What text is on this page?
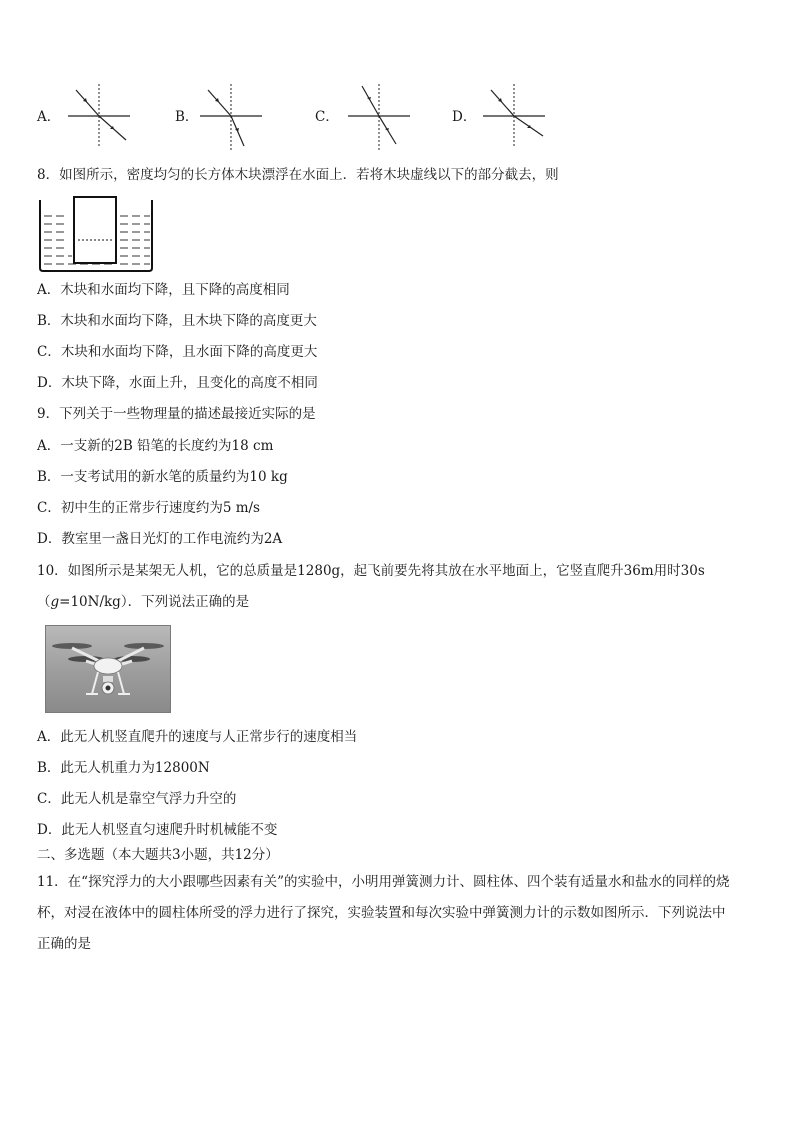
A．	B．	C．	D．
8．如图所示，密度均匀的长方体木块漂浮在水面上．若将木块虚线以下的部分截去，则
A．木块和水面均下降，且下降的高度相同
B．木块和水面均下降，且木块下降的高度更大
C．木块和水面均下降，且水面下降的高度更大
D．木块下降，水面上升，且变化的高度不相同
9．下列关于一些物理量的描述最接近实际的是
A．一支新的2B 铅笔的长度约为18 cm
B．一支考试用的新水笔的质量约为10 kg
C．初中生的正常步行速度约为5 m/s
D．教室里一盏日光灯的工作电流约为2A
10．如图所示是某架无人机，它的总质量是1280g，起飞前要先将其放在水平地面上，它竖直爬升36m用时30s
（g=10N/kg）．下列说法正确的是
A．此无人机竖直爬升的速度与人正常步行的速度相当
B．此无人机重力为12800N
C．此无人机是靠空气浮力升空的
D．此无人机竖直匀速爬升时机械能不变
二、多选题（本大题共3小题，共12分）
11．在“探究浮力的大小跟哪些因素有关”的实验中，小明用弹簧测力计、圆柱体、四个装有适量水和盐水的同样的烧
杯，对浸在液体中的圆柱体所受的浮力进行了探究，实验装置和每次实验中弹簧测力计的示数如图所示．下列说法中
正确的是
